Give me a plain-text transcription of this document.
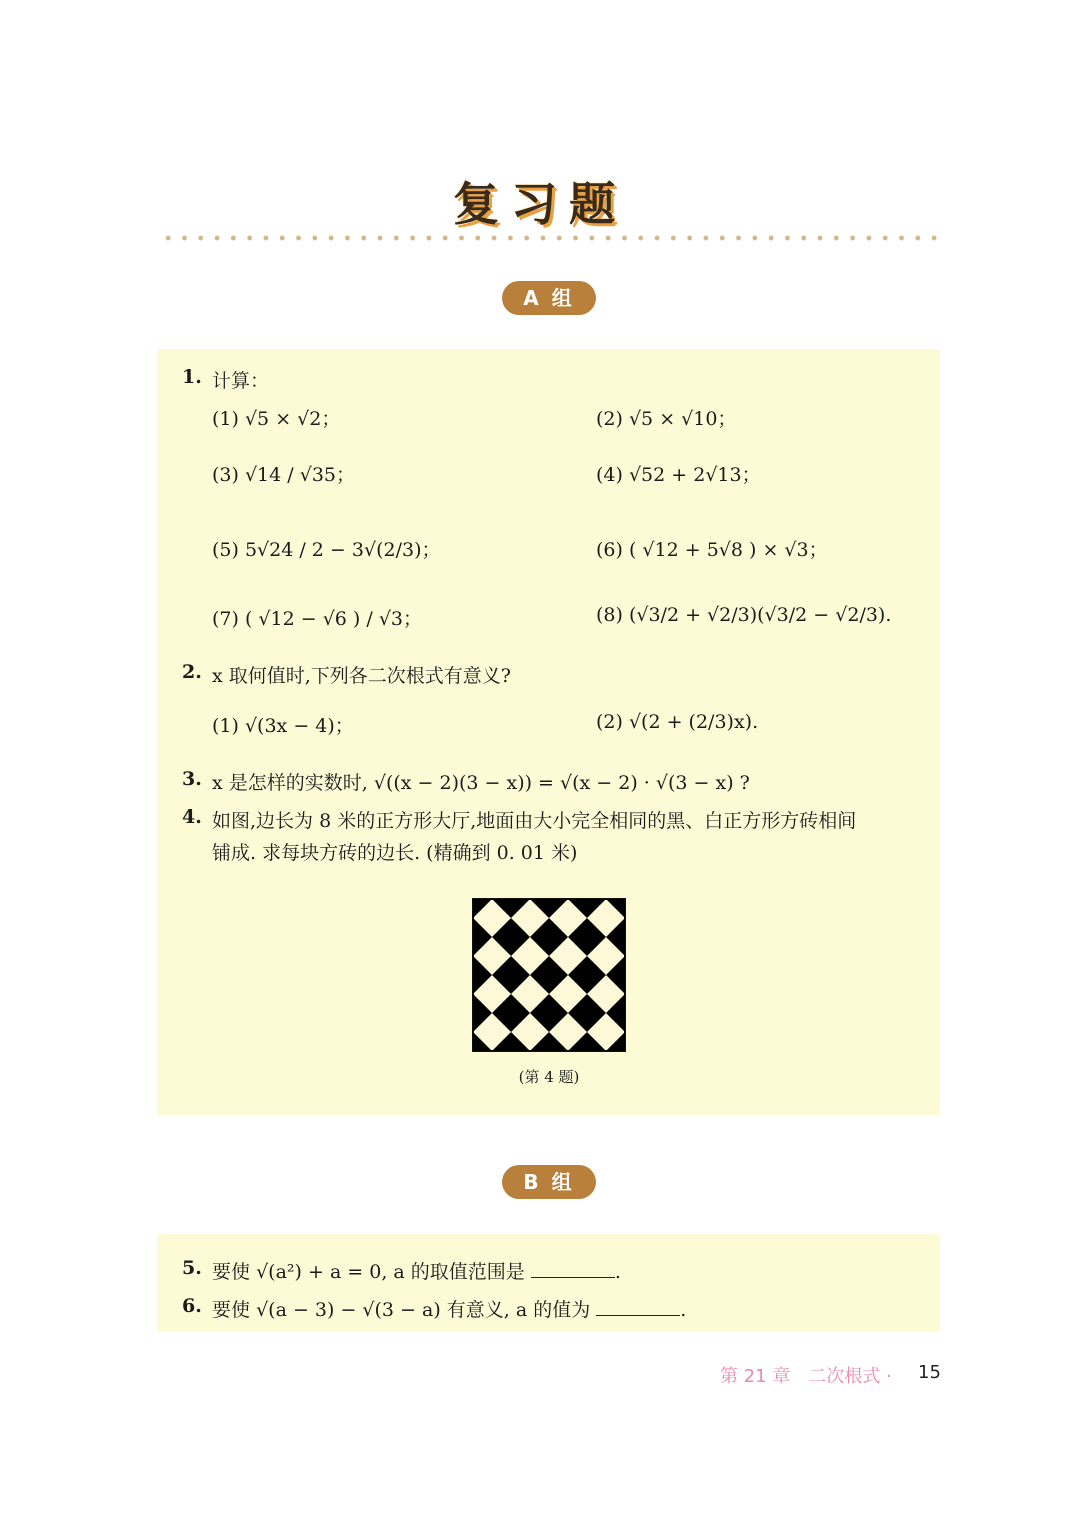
复习题
A 组
1. 计算：
(1) √5 × √2；	(2) √5 × √10；
(3) √14 / √35；	(4) √52 + 2√13；
(5) 5√24 / 2 − 3√(2/3)；	(6) ( √12 + 5√8 ) × √3；
(7) ( √12 − √6 ) / √3；	(8) (√3/2 + √2/3)(√3/2 − √2/3).
2. x 取何值时,下列各二次根式有意义?
(1) √(3x − 4)；	(2) √(2 + (2/3)x).
3. x 是怎样的实数时, √((x − 2)(3 − x)) = √(x − 2) · √(3 − x) ?
4. 如图,边长为 8 米的正方形大厅,地面由大小完全相同的黑、白正方形方砖相间
铺成. 求每块方砖的边长. (精确到 0. 01 米)
(第 4 题)
B 组
5. 要使 √(a²) + a = 0, a 的取值范围是	.
6. 要使 √(a − 3) − √(3 − a) 有意义, a 的值为	.
第 21 章　二次根式 · 15
